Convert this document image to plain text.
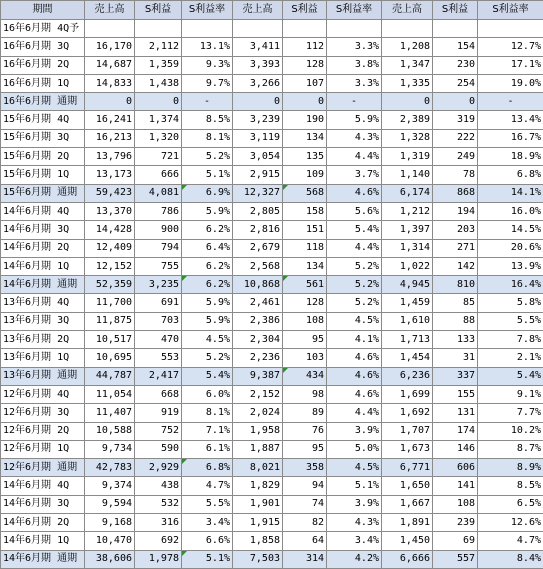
期間	売上高	S利益	S利益率	売上高	S利益	S利益率	売上高	S利益	S利益率
16年6月期 4Q予									
16年6月期 3Q	16,170	2,112	13.1%	3,411	112	3.3%	1,208	154	12.7%
16年6月期 2Q	14,687	1,359	9.3%	3,393	128	3.8%	1,347	230	17.1%
16年6月期 1Q	14,833	1,438	9.7%	3,266	107	3.3%	1,335	254	19.0%
16年6月期 通期	0	0	-	0	0	-	0	0	-
15年6月期 4Q	16,241	1,374	8.5%	3,239	190	5.9%	2,389	319	13.4%
15年6月期 3Q	16,213	1,320	8.1%	3,119	134	4.3%	1,328	222	16.7%
15年6月期 2Q	13,796	721	5.2%	3,054	135	4.4%	1,319	249	18.9%
15年6月期 1Q	13,173	666	5.1%	2,915	109	3.7%	1,140	78	6.8%
15年6月期 通期	59,423	4,081	6.9%	12,327	568	4.6%	6,174	868	14.1%
14年6月期 4Q	13,370	786	5.9%	2,805	158	5.6%	1,212	194	16.0%
14年6月期 3Q	14,428	900	6.2%	2,816	151	5.4%	1,397	203	14.5%
14年6月期 2Q	12,409	794	6.4%	2,679	118	4.4%	1,314	271	20.6%
14年6月期 1Q	12,152	755	6.2%	2,568	134	5.2%	1,022	142	13.9%
14年6月期 通期	52,359	3,235	6.2%	10,868	561	5.2%	4,945	810	16.4%
13年6月期 4Q	11,700	691	5.9%	2,461	128	5.2%	1,459	85	5.8%
13年6月期 3Q	11,875	703	5.9%	2,386	108	4.5%	1,610	88	5.5%
13年6月期 2Q	10,517	470	4.5%	2,304	95	4.1%	1,713	133	7.8%
13年6月期 1Q	10,695	553	5.2%	2,236	103	4.6%	1,454	31	2.1%
13年6月期 通期	44,787	2,417	5.4%	9,387	434	4.6%	6,236	337	5.4%
12年6月期 4Q	11,054	668	6.0%	2,152	98	4.6%	1,699	155	9.1%
12年6月期 3Q	11,407	919	8.1%	2,024	89	4.4%	1,692	131	7.7%
12年6月期 2Q	10,588	752	7.1%	1,958	76	3.9%	1,707	174	10.2%
12年6月期 1Q	9,734	590	6.1%	1,887	95	5.0%	1,673	146	8.7%
12年6月期 通期	42,783	2,929	6.8%	8,021	358	4.5%	6,771	606	8.9%
14年6月期 4Q	9,374	438	4.7%	1,829	94	5.1%	1,650	141	8.5%
14年6月期 3Q	9,594	532	5.5%	1,901	74	3.9%	1,667	108	6.5%
14年6月期 2Q	9,168	316	3.4%	1,915	82	4.3%	1,891	239	12.6%
14年6月期 1Q	10,470	692	6.6%	1,858	64	3.4%	1,450	69	4.7%
14年6月期 通期	38,606	1,978	5.1%	7,503	314	4.2%	6,666	557	8.4%
